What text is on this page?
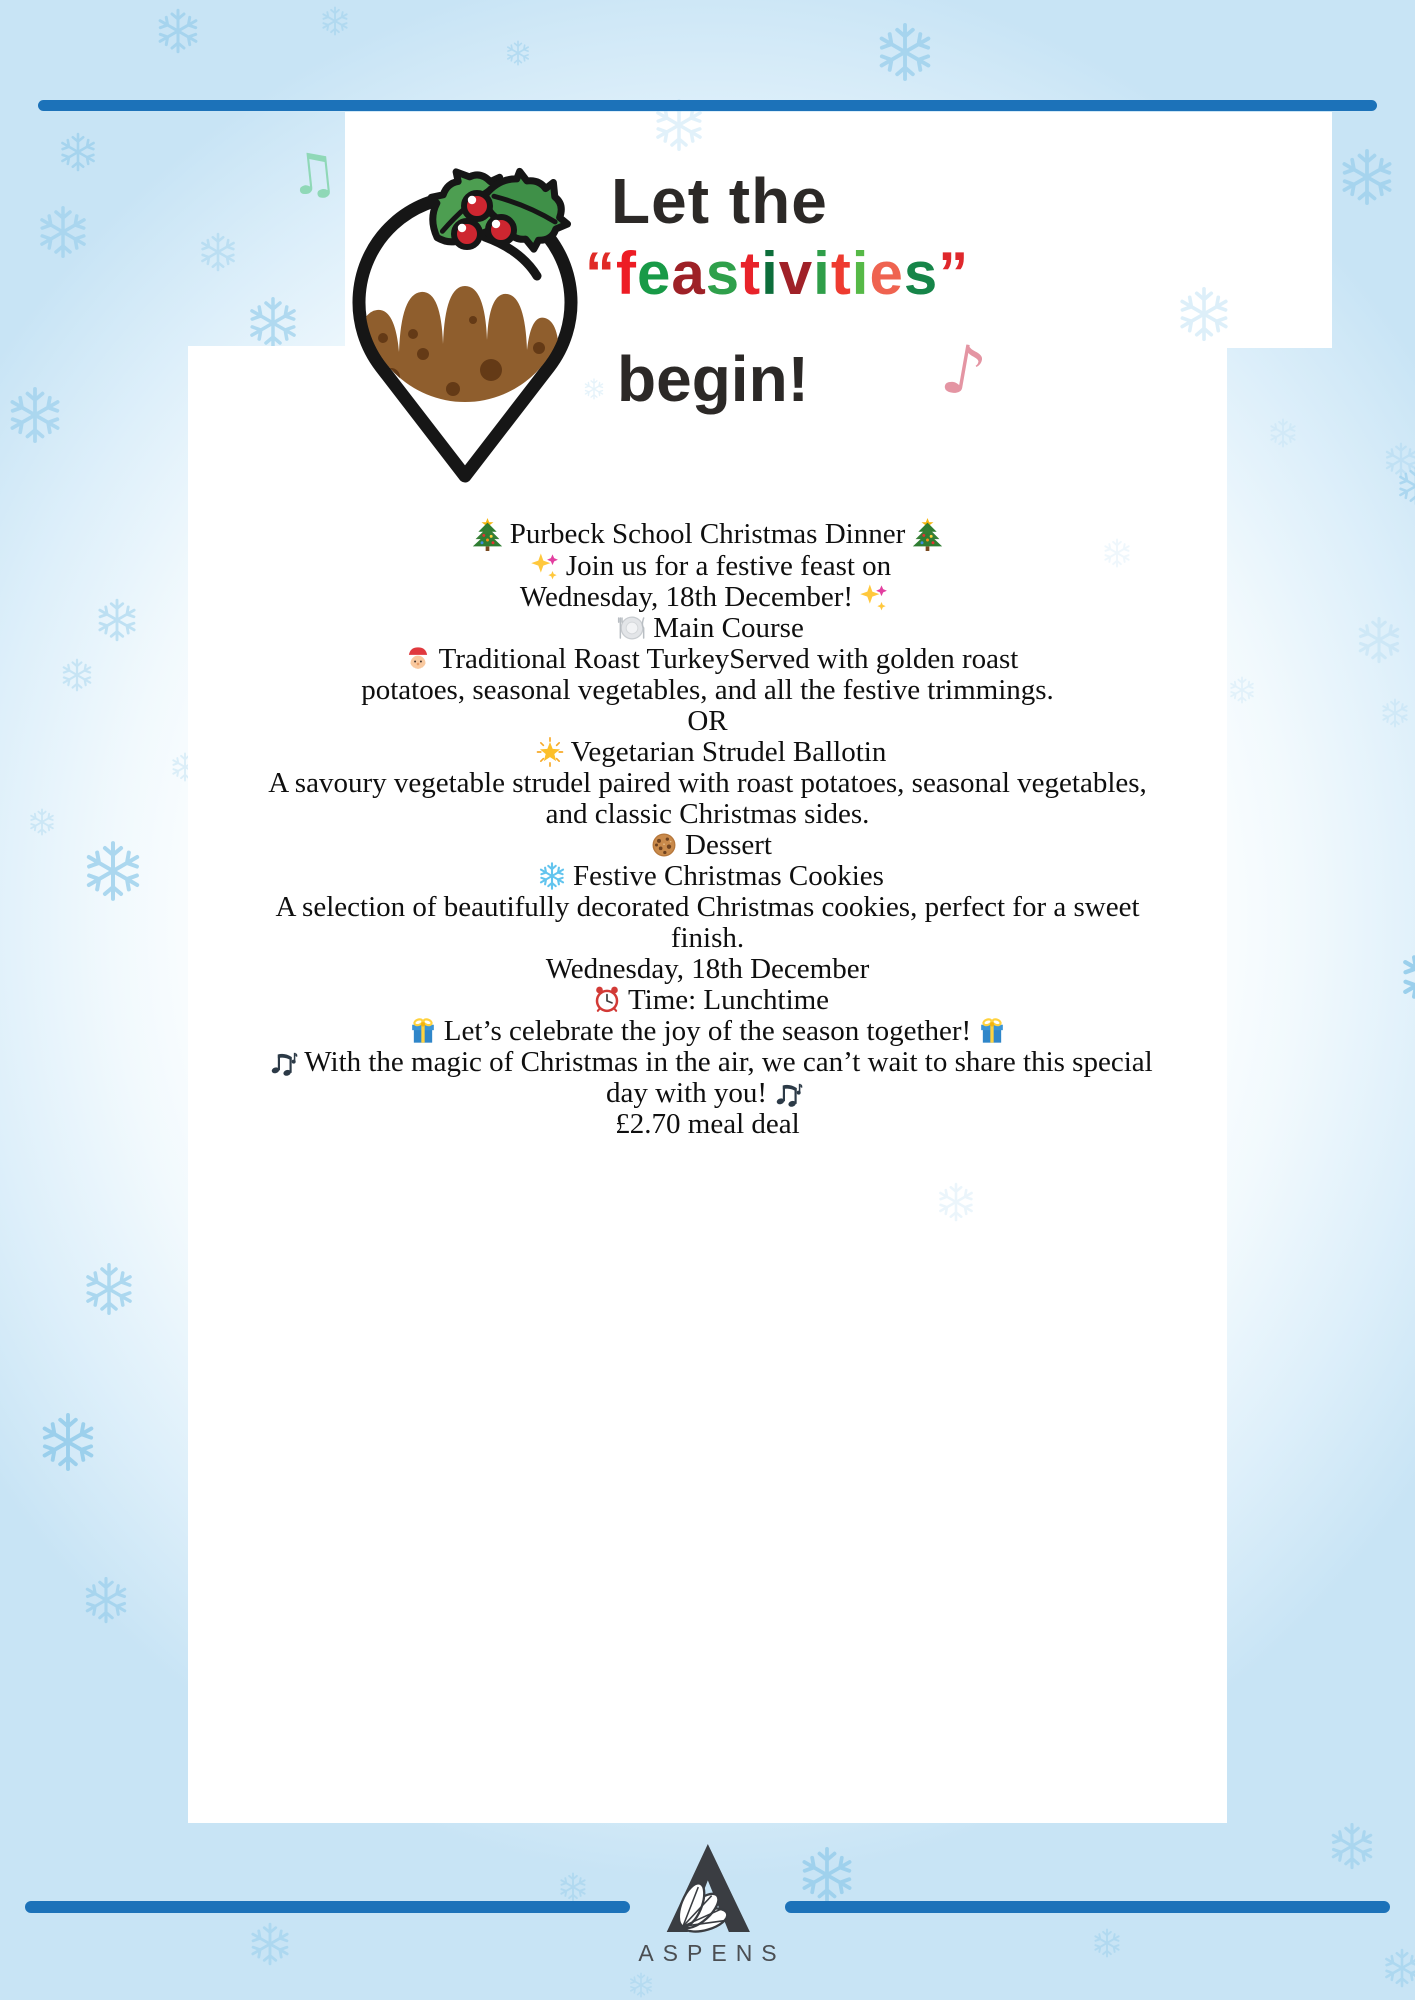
♫
♪
Let the
“feastivities”
begin!

Purbeck School Christmas Dinner

Join us for a festive feast on
Wednesday, 18th December!

Main Course

Traditional Roast TurkeyServed with golden roast
potatoes, seasonal vegetables, and all the festive trimmings.

OR

Vegetarian Strudel Ballotin
A savoury vegetable strudel paired with roast potatoes, seasonal vegetables,
and classic Christmas sides.

Dessert
Festive Christmas Cookies
A selection of beautifully decorated Christmas cookies, perfect for a sweet
finish.

Wednesday, 18th December
Time: Lunchtime
Let’s celebrate the joy of the season together!

With the magic of Christmas in the air, we can’t wait to share this special
day with you!

£2.70 meal deal

ASPENS
